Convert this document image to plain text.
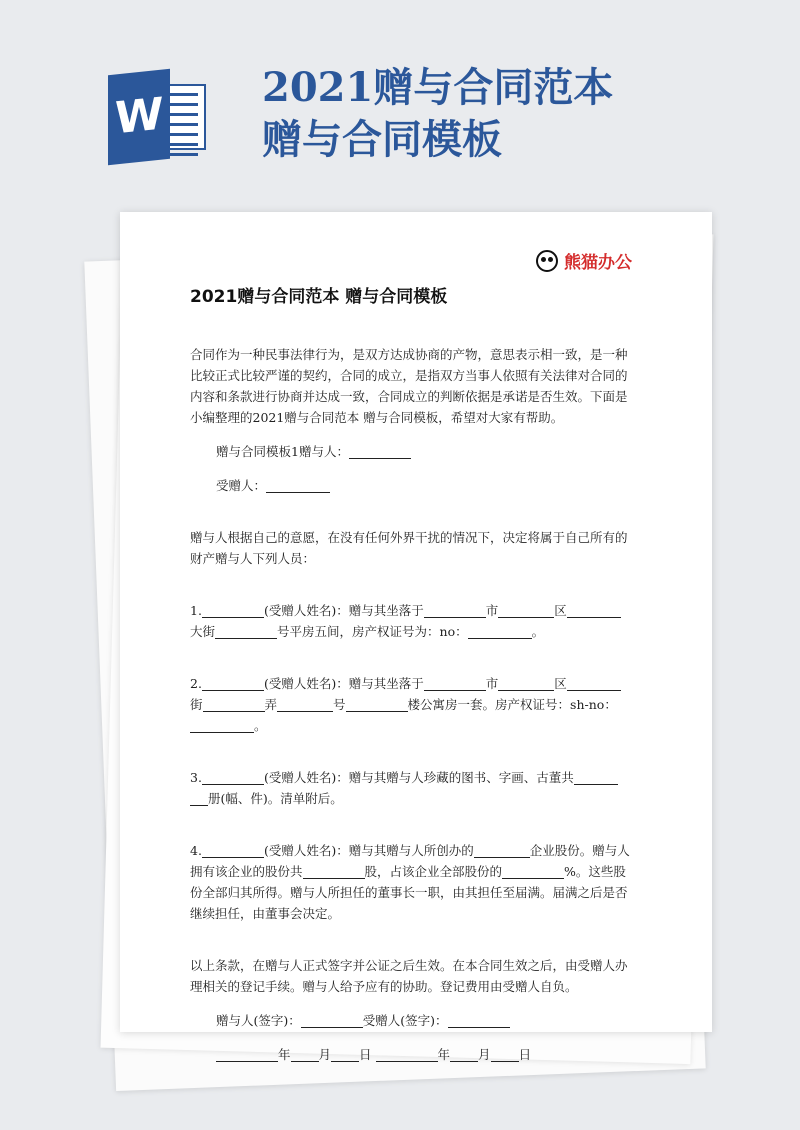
W
2021赠与合同范本
赠与合同模板
熊猫办公
2021赠与合同范本 赠与合同模板

合同作为一种民事法律行为，是双方达成协商的产物，意思表示相一致，是一种比较正式比较严谨的契约，合同的成立，是指双方当事人依照有关法律对合同的内容和条款进行协商并达成一致，合同成立的判断依据是承诺是否生效。下面是小编整理的2021赠与合同范本 赠与合同模板，希望对大家有帮助。

赠与合同模板1赠与人：

受赠人：

赠与人根据自己的意愿，在没有任何外界干扰的情况下，决定将属于自己所有的财产赠与人下列人员：

1.	(受赠人姓名)：赠与其坐落于	市	区大街	号平房五间，房产权证号为：no：	。

2.	(受赠人姓名)：赠与其坐落于	市	区街	弄	号	楼公寓房一套。房产权证号：sh-no：。

3.	(受赠人姓名)：赠与其赠与人珍藏的图书、字画、古董共册(幅、件)。清单附后。

4.	(受赠人姓名)：赠与其赠与人所创办的	企业股份。赠与人拥有该企业的股份共	股，占该企业全部股份的	%。这些股份全部归其所得。赠与人所担任的董事长一职，由其担任至届满。届满之后是否继续担任，由董事会决定。

以上条款，在赠与人正式签字并公证之后生效。在本合同生效之后，由受赠人办理相关的登记手续。赠与人给予应有的协助。登记费用由受赠人自负。

赠与人(签字)：	受赠人(签字)：

年 月 日	年 月 日
